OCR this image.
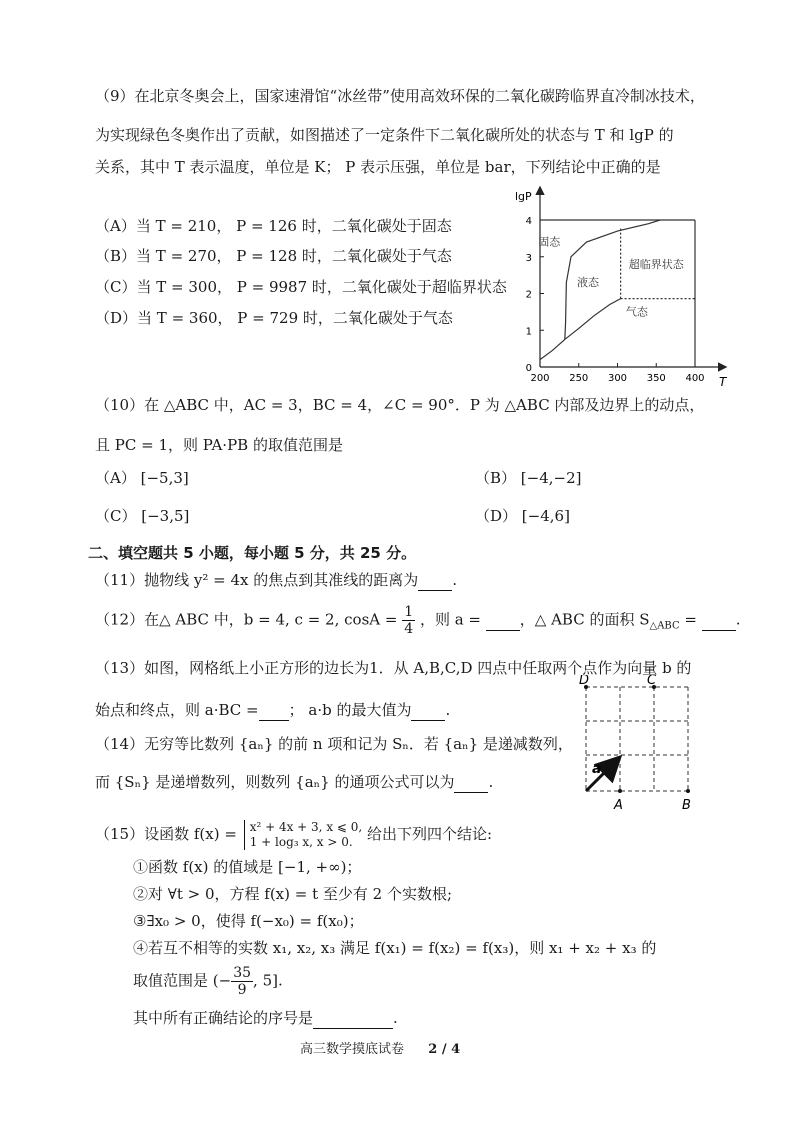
（9）在北京冬奥会上，国家速滑馆“冰丝带”使用高效环保的二氧化碳跨临界直冷制冰技术，
为实现绿色冬奥作出了贡献，如图描述了一定条件下二氧化碳所处的状态与 T 和 lgP 的
关系，其中 T 表示温度，单位是 K； P 表示压强，单位是 bar，下列结论中正确的是
（A）当 T = 210， P = 126 时，二氧化碳处于固态
（B）当 T = 270， P = 128 时，二氧化碳处于气态
（C）当 T = 300， P = 9987 时，二氧化碳处于超临界状态
（D）当 T = 360， P = 729 时，二氧化碳处于气态
200 250 300 350 400
0
1
2
3
4
固态
液态
超临界状态
气态
lgP
T
（10）在 △ABC 中，AC = 3，BC = 4，∠C = 90°．P 为 △ABC 内部及边界上的动点，
且 PC = 1，则 PA·PB 的取值范围是
（A） [−5,3]	（B） [−4,−2]
（C） [−3,5]	（D） [−4,6]
二、填空题共 5 小题，每小题 5 分，共 25 分。
（11）抛物线 y² = 4x 的焦点到其准线的距离为 .
（12）在△ ABC 中，b = 4, c = 2, $\cos A = \frac{1}{4}$ ，则 a =	，△ ABC 的面积 $S_{\triangle ABC}$ =	.
（13）如图，网格纸上小正方形的边长为1．从 A,B,C,D 四点中任取两个点作为向量 b 的
始点和终点，则 a·BC = ； a·b 的最大值为 .
D	C
A	B
a
（14）无穷等比数列 {aₙ} 的前 n 项和记为 Sₙ．若 {aₙ} 是递减数列，
而 {Sₙ} 是递增数列，则数列 {aₙ} 的通项公式可以为 .
（15）设函数 f(x) = x² + 4x + 3, x ⩽ 0,
1 + log₃ x, x > 0. 给出下列四个结论:
①函数 f(x) 的值域是 [−1, +∞)；
②对 ∀t > 0，方程 f(x) = t 至少有 2 个实数根;
③∃x₀ > 0，使得 f(−x₀) = f(x₀)；
④若互不相等的实数 x₁, x₂, x₃ 满足 f(x₁) = f(x₂) = f(x₃)，则 x₁ + x₂ + x₃ 的
取值范围是 (− $\frac{35}{9}$ , 5].
其中所有正确结论的序号是	.
高三数学摸底试卷 2 / 4
